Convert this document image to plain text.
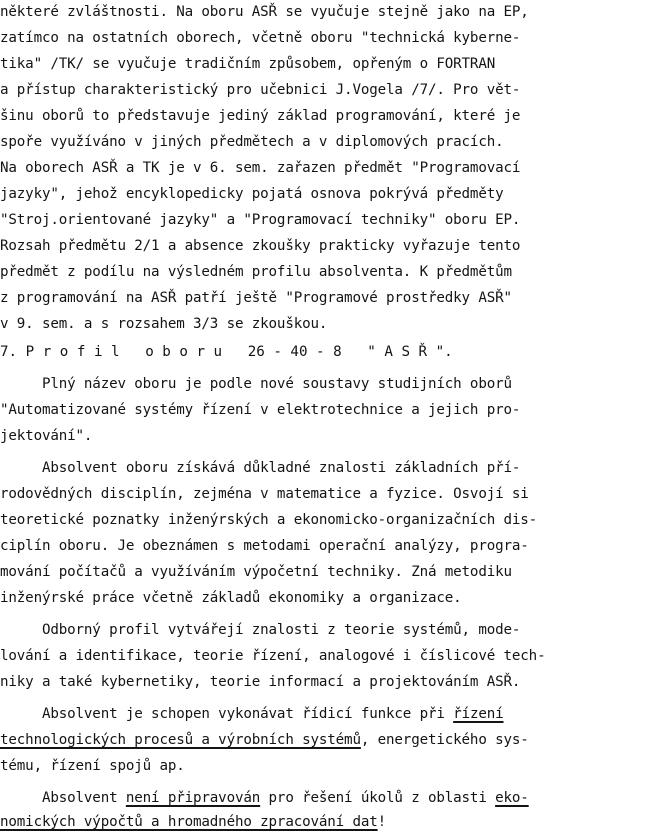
některé zvláštnosti. Na oboru ASŘ se vyučuje stejně jako na EP,
zatímco na ostatních oborech, včetně oboru "technická kyberne-
tika" /TK/ se vyučuje tradičním způsobem, opřeným o FORTRAN
a přístup charakteristický pro učebnici J.Vogela /7/. Pro vět-
šinu oborů to představuje jediný základ programování, které je
spoře využíváno v jiných předmětech a v diplomových pracích.
Na oborech ASŘ a TK je v 6. sem. zařazen předmět "Programovací
jazyky", jehož encyklopedicky pojatá osnova pokrývá předměty
"Stroj.orientované jazyky" a "Programovací techniky" oboru EP.
Rozsah předmětu 2/1 a absence zkoušky prakticky vyřazuje tento
předmět z podílu na výsledném profilu absolventa. K předmětům
z programování na ASŘ patří ještě "Programové prostředky ASŘ"
v 9. sem. a s rozsahem 3/3 se zkouškou.
7. P r o f i l   o b o r u   26 - 40 - 8   " A S Ř ".
Plný název oboru je podle nové soustavy studijních oborů
"Automatizované systémy řízení v elektrotechnice a jejich pro-
jektování".
Absolvent oboru získává důkladné znalosti základních pří-
rodovědných disciplín, zejména v matematice a fyzice. Osvojí si
teoretické poznatky inženýrských a ekonomicko-organizačních dis-
ciplín oboru. Je obeznámen s metodami operační analýzy, progra-
mování počítačů a využíváním výpočetní techniky. Zná metodiku
inženýrské práce včetně základů ekonomiky a organizace.
Odborný profil vytvářejí znalosti z teorie systémů, mode-
lování a identifikace, teorie řízení, analogové i číslicové tech-
niky a také kybernetiky, teorie informací a projektováním ASŘ.
Absolvent je schopen vykonávat řídicí funkce při řízení
technologických procesů a výrobních systémů, energetického sys-
tému, řízení spojů ap.
Absolvent není připravován pro řešení úkolů z oblasti eko-
nomických výpočtů a hromadného zpracování dat!
